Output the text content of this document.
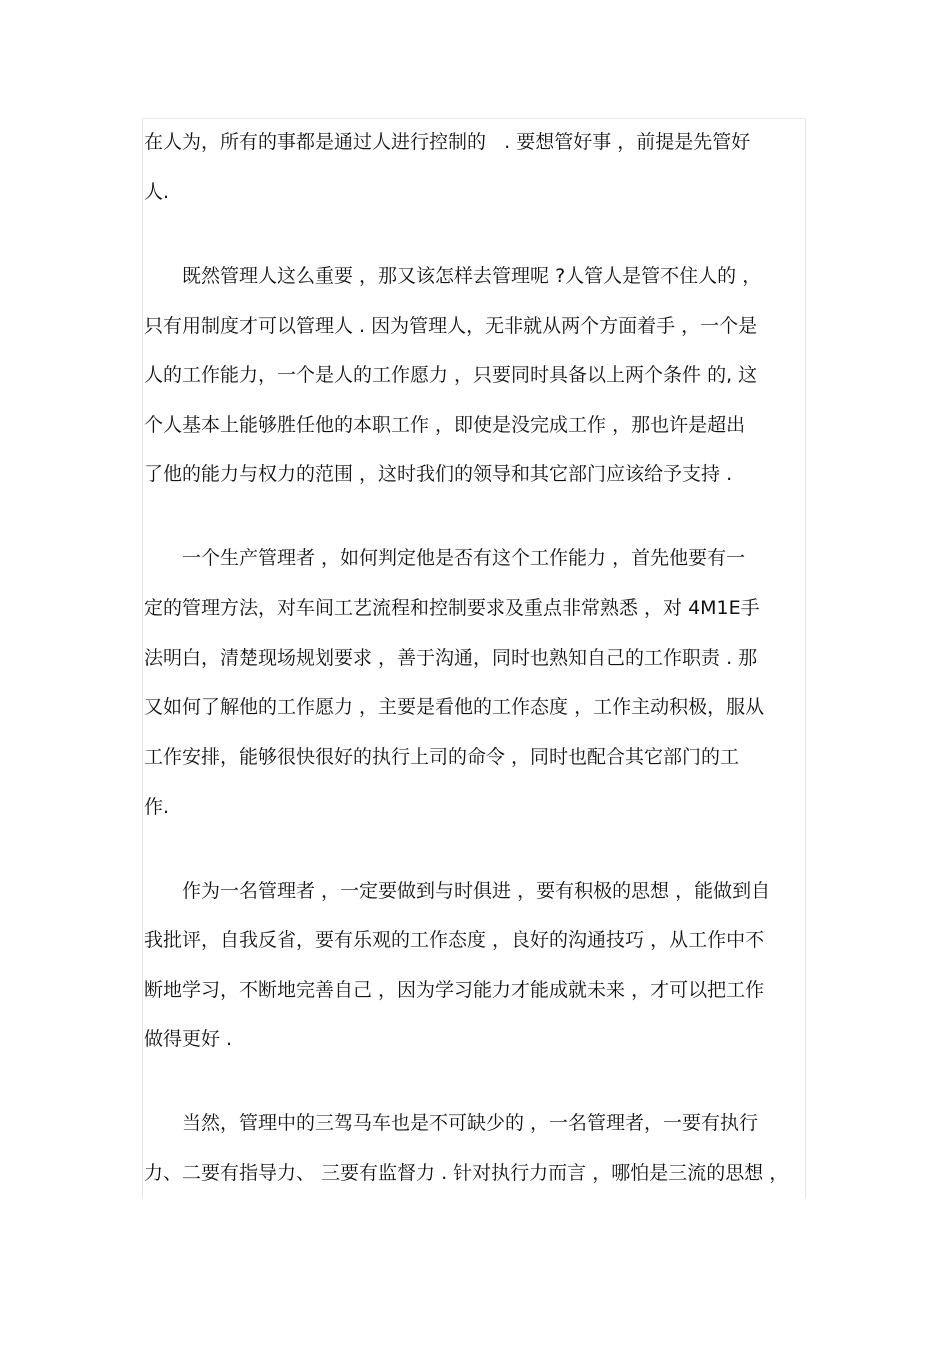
在人为，所有的事都是通过人进行控制的   . 要想管好事 ，前提是先管好
人.
既然管理人这么重要 ，那又该怎样去管理呢 ?人管人是管不住人的 ，
只有用制度才可以管理人 . 因为管理人，无非就从两个方面着手 ，一个是
人的工作能力，一个是人的工作愿力 ，只要同时具备以上两个条件 的, 这
个人基本上能够胜任他的本职工作 ，即使是没完成工作 ，那也许是超出
了他的能力与权力的范围 ，这时我们的领导和其它部门应该给予支持 .
一个生产管理者 ，如何判定他是否有这个工作能力 ，首先他要有一
定的管理方法，对车间工艺流程和控制要求及重点非常熟悉 ，对 4M1E手
法明白，清楚现场规划要求 ，善于沟通，同时也熟知自己的工作职责 . 那
又如何了解他的工作愿力 ，主要是看他的工作态度 ，工作主动积极，服从
工作安排，能够很快很好的执行上司的命令 ，同时也配合其它部门的工
作.
作为一名管理者 ，一定要做到与时俱进 ，要有积极的思想 ，能做到自
我批评，自我反省，要有乐观的工作态度 ，良好的沟通技巧 ，从工作中不
断地学习，不断地完善自己 ，因为学习能力才能成就未来 ，才可以把工作
做得更好 .
当然，管理中的三驾马车也是不可缺少的 ，一名管理者，一要有执行
力、二要有指导力、 三要有监督力 . 针对执行力而言 ，哪怕是三流的思想 ，
